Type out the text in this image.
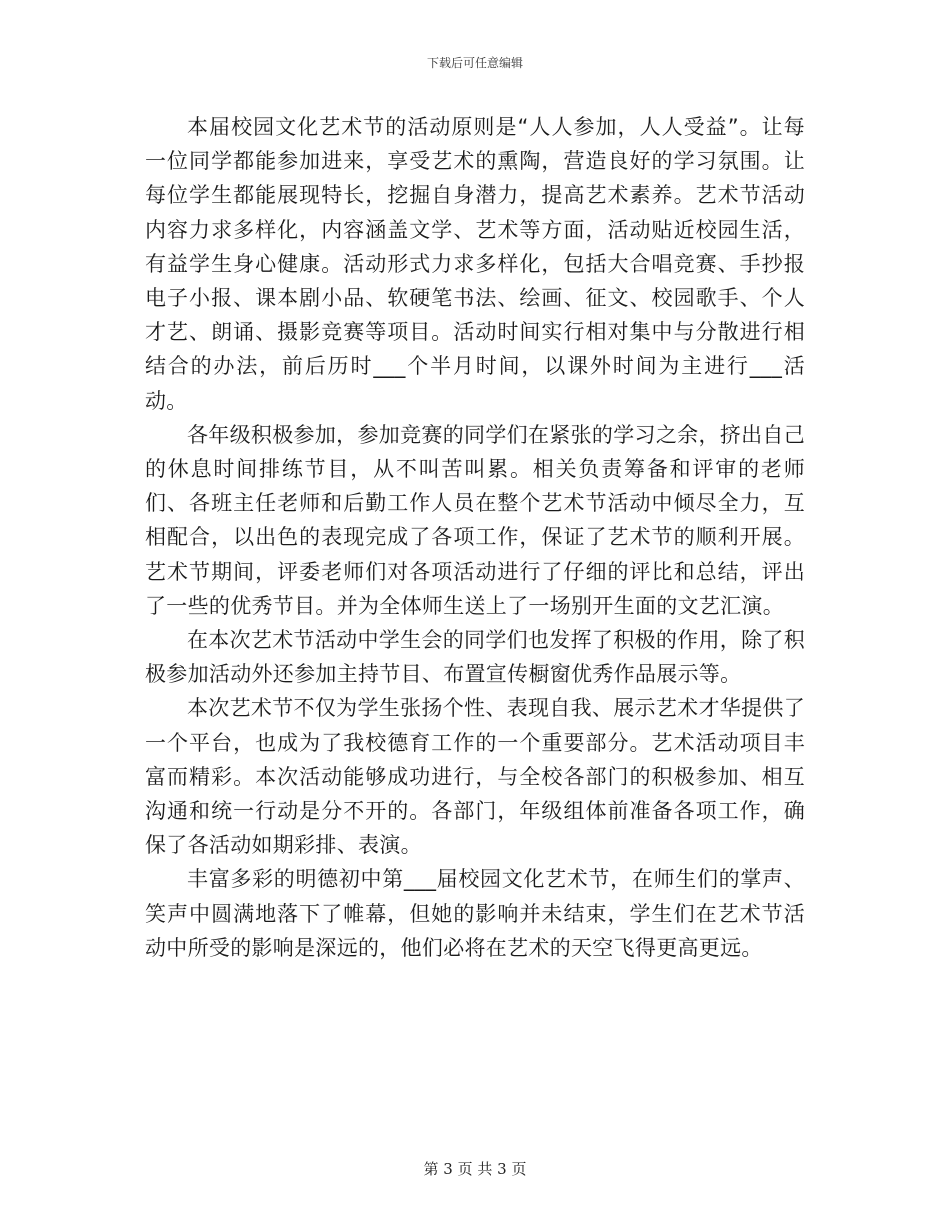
下载后可任意编辑

本届校园文化艺术节的活动原则是“人人参加，人人受益”。让每一位同学都能参加进来，享受艺术的熏陶，营造良好的学习氛围。让每位学生都能展现特长，挖掘自身潜力，提高艺术素养。艺术节活动内容力求多样化，内容涵盖文学、艺术等方面，活动贴近校园生活，有益学生身心健康。活动形式力求多样化，包括大合唱竞赛、手抄报电子小报、课本剧小品、软硬笔书法、绘画、征文、校园歌手、个人才艺、朗诵、摄影竞赛等项目。活动时间实行相对集中与分散进行相结合的办法，前后历时___个半月时间，以课外时间为主进行___活动。

各年级积极参加，参加竞赛的同学们在紧张的学习之余，挤出自己的休息时间排练节目，从不叫苦叫累。相关负责筹备和评审的老师们、各班主任老师和后勤工作人员在整个艺术节活动中倾尽全力，互相配合，以出色的表现完成了各项工作，保证了艺术节的顺利开展。艺术节期间，评委老师们对各项活动进行了仔细的评比和总结，评出了一些的优秀节目。并为全体师生送上了一场别开生面的文艺汇演。

在本次艺术节活动中学生会的同学们也发挥了积极的作用，除了积极参加活动外还参加主持节目、布置宣传橱窗优秀作品展示等。

本次艺术节不仅为学生张扬个性、表现自我、展示艺术才华提供了一个平台，也成为了我校德育工作的一个重要部分。艺术活动项目丰富而精彩。本次活动能够成功进行，与全校各部门的积极参加、相互沟通和统一行动是分不开的。各部门，年级组体前准备各项工作，确保了各活动如期彩排、表演。

丰富多彩的明德初中第___届校园文化艺术节，在师生们的掌声、笑声中圆满地落下了帷幕，但她的影响并未结束，学生们在艺术节活动中所受的影响是深远的，他们必将在艺术的天空飞得更高更远。

第 3 页 共 3 页
